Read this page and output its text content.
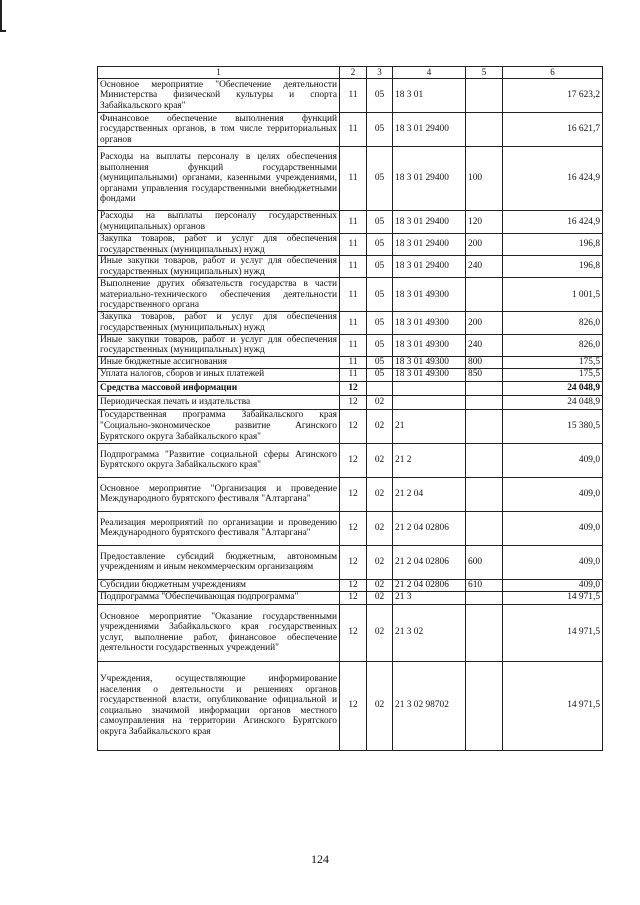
1	2	3	4	5	6
Основное мероприятие "Обеспечение деятельности Министерства физической культуры и спорта Забайкальского края"	11	05	18 3 01		17 623,2
Финансовое обеспечение выполнения функций государственных органов, в том числе территориальных органов	11	05	18 3 01 29400		16 621,7
Расходы на выплаты персоналу в целях обеспечения выполнения функций государственными (муниципальными) органами, казенными учреждениями, органами управления государственными внебюджетными фондами	11	05	18 3 01 29400	100	16 424,9
Расходы на выплаты персоналу государственных (муниципальных) органов	11	05	18 3 01 29400	120	16 424,9
Закупка товаров, работ и услуг для обеспечения государственных (муниципальных) нужд	11	05	18 3 01 29400	200	196,8
Иные закупки товаров, работ и услуг для обеспечения государственных (муниципальных) нужд	11	05	18 3 01 29400	240	196,8
Выполнение других обязательств государства в части материально-технического обеспечения деятельности государственного органа	11	05	18 3 01 49300		1 001,5
Закупка товаров, работ и услуг для обеспечения государственных (муниципальных) нужд	11	05	18 3 01 49300	200	826,0
Иные закупки товаров, работ и услуг для обеспечения государственных (муниципальных) нужд	11	05	18 3 01 49300	240	826,0
Иные бюджетные ассигнования	11	05	18 3 01 49300	800	175,5
Уплата налогов, сборов и иных платежей	11	05	18 3 01 49300	850	175,5
Средства массовой информации	12				24 048,9
Периодическая печать и издательства	12	02			24 048,9
Государственная программа Забайкальского края "Социально-экономическое развитие Агинского Бурятского округа Забайкальского края"	12	02	21		15 380,5
Подпрограмма "Развитие социальной сферы Агинского Бурятского округа Забайкальского края"	12	02	21 2		409,0
Основное мероприятие "Организация и проведение Международного бурятского фестиваля "Алтаргана"	12	02	21 2 04		409,0
Реализация мероприятий по организации и проведению Международного бурятского фестиваля "Алтаргана"	12	02	21 2 04 02806		409,0
Предоставление субсидий бюджетным, автономным учреждениям и иным некоммерческим организациям	12	02	21 2 04 02806	600	409,0
Субсидии бюджетным учреждениям	12	02	21 2 04 02806	610	409,0
Подпрограмма "Обеспечивающая подпрограмма"	12	02	21 3		14 971,5
Основное мероприятие "Оказание государственными учреждениями Забайкальского края государственных услуг, выполнение работ, финансовое обеспечение деятельности государственных учреждений"	12	02	21 3 02		14 971,5
Учреждения, осуществляющие информирование населения о деятельности и решениях органов государственной власти, опубликование официальной и социально значимой информации органов местного самоуправления на территории Агинского Бурятского округа Забайкальского края	12	02	21 3 02 98702		14 971,5
124
